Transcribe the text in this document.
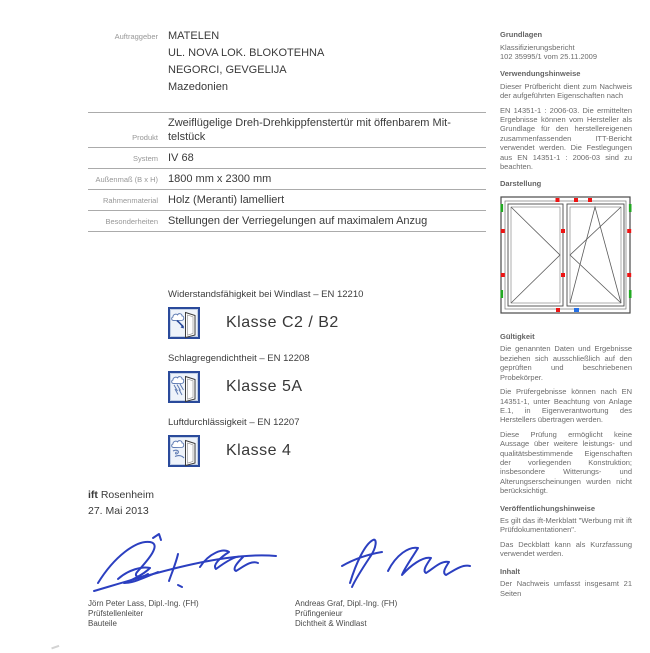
Auftraggeber MATELEN
UL. NOVA LOK. BLOKOTEHNA
NEGORCI, GEVGELIJA
Mazedonien
Produkt
Zweiflügelige Dreh-Drehkippfenstertür mit öffenbarem Mit-
telstück
System IV 68
Außenmaß (B x H) 1800 mm x 2300 mm
Rahmenmaterial Holz (Meranti) lamelliert
Besonderheiten Stellungen der Verriegelungen auf maximalem Anzug
Widerstandsfähigkeit bei Windlast – EN 12210
Klasse C2 / B2
Schlagregendichtheit – EN 12208
Klasse 5A
Luftdurchlässigkeit – EN 12207
Klasse 4
ift Rosenheim
27. Mai 2013
Jörn Peter Lass, Dipl.-Ing. (FH)
Prüfstellenleiter
Bauteile
Andreas Graf, Dipl.-Ing. (FH)
Prüfingenieur
Dichtheit & Windlast
Grundlagen

Klassifizierungsbericht
102 35995/1 vom 25.11.2009

Verwendungshinweise

Dieser Prüfbericht dient zum Nachweis der aufgeführten Eigenschaften nach

EN 14351-1 : 2006-03. Die ermittelten Ergebnisse können vom Hersteller als Grundlage für den herstellereigenen zusammenfassenden ITT-Bericht verwendet werden. Die Festlegungen aus EN 14351-1 : 2006-03 sind zu beachten.

Darstellung
Gültigkeit

Die genannten Daten und Ergebnisse beziehen sich ausschließlich auf den geprüften und beschriebenen Probekörper.

Die Prüfergebnisse können nach EN 14351-1, unter Beachtung von Anlage E.1, in Eigenverantwortung des Herstellers übertragen werden.

Diese Prüfung ermöglicht keine Aussage über weitere leistungs- und qualitätsbestimmende Eigenschaften der vorliegenden Konstruktion; insbesondere Witterungs- und Alterungserscheinungen wurden nicht berücksichtigt.

Veröffentlichungshinweise

Es gilt das ift-Merkblatt "Werbung mit ift Prüfdokumentationen".

Das Deckblatt kann als Kurzfassung verwendet werden.

Inhalt

Der Nachweis umfasst insgesamt 21 Seiten
